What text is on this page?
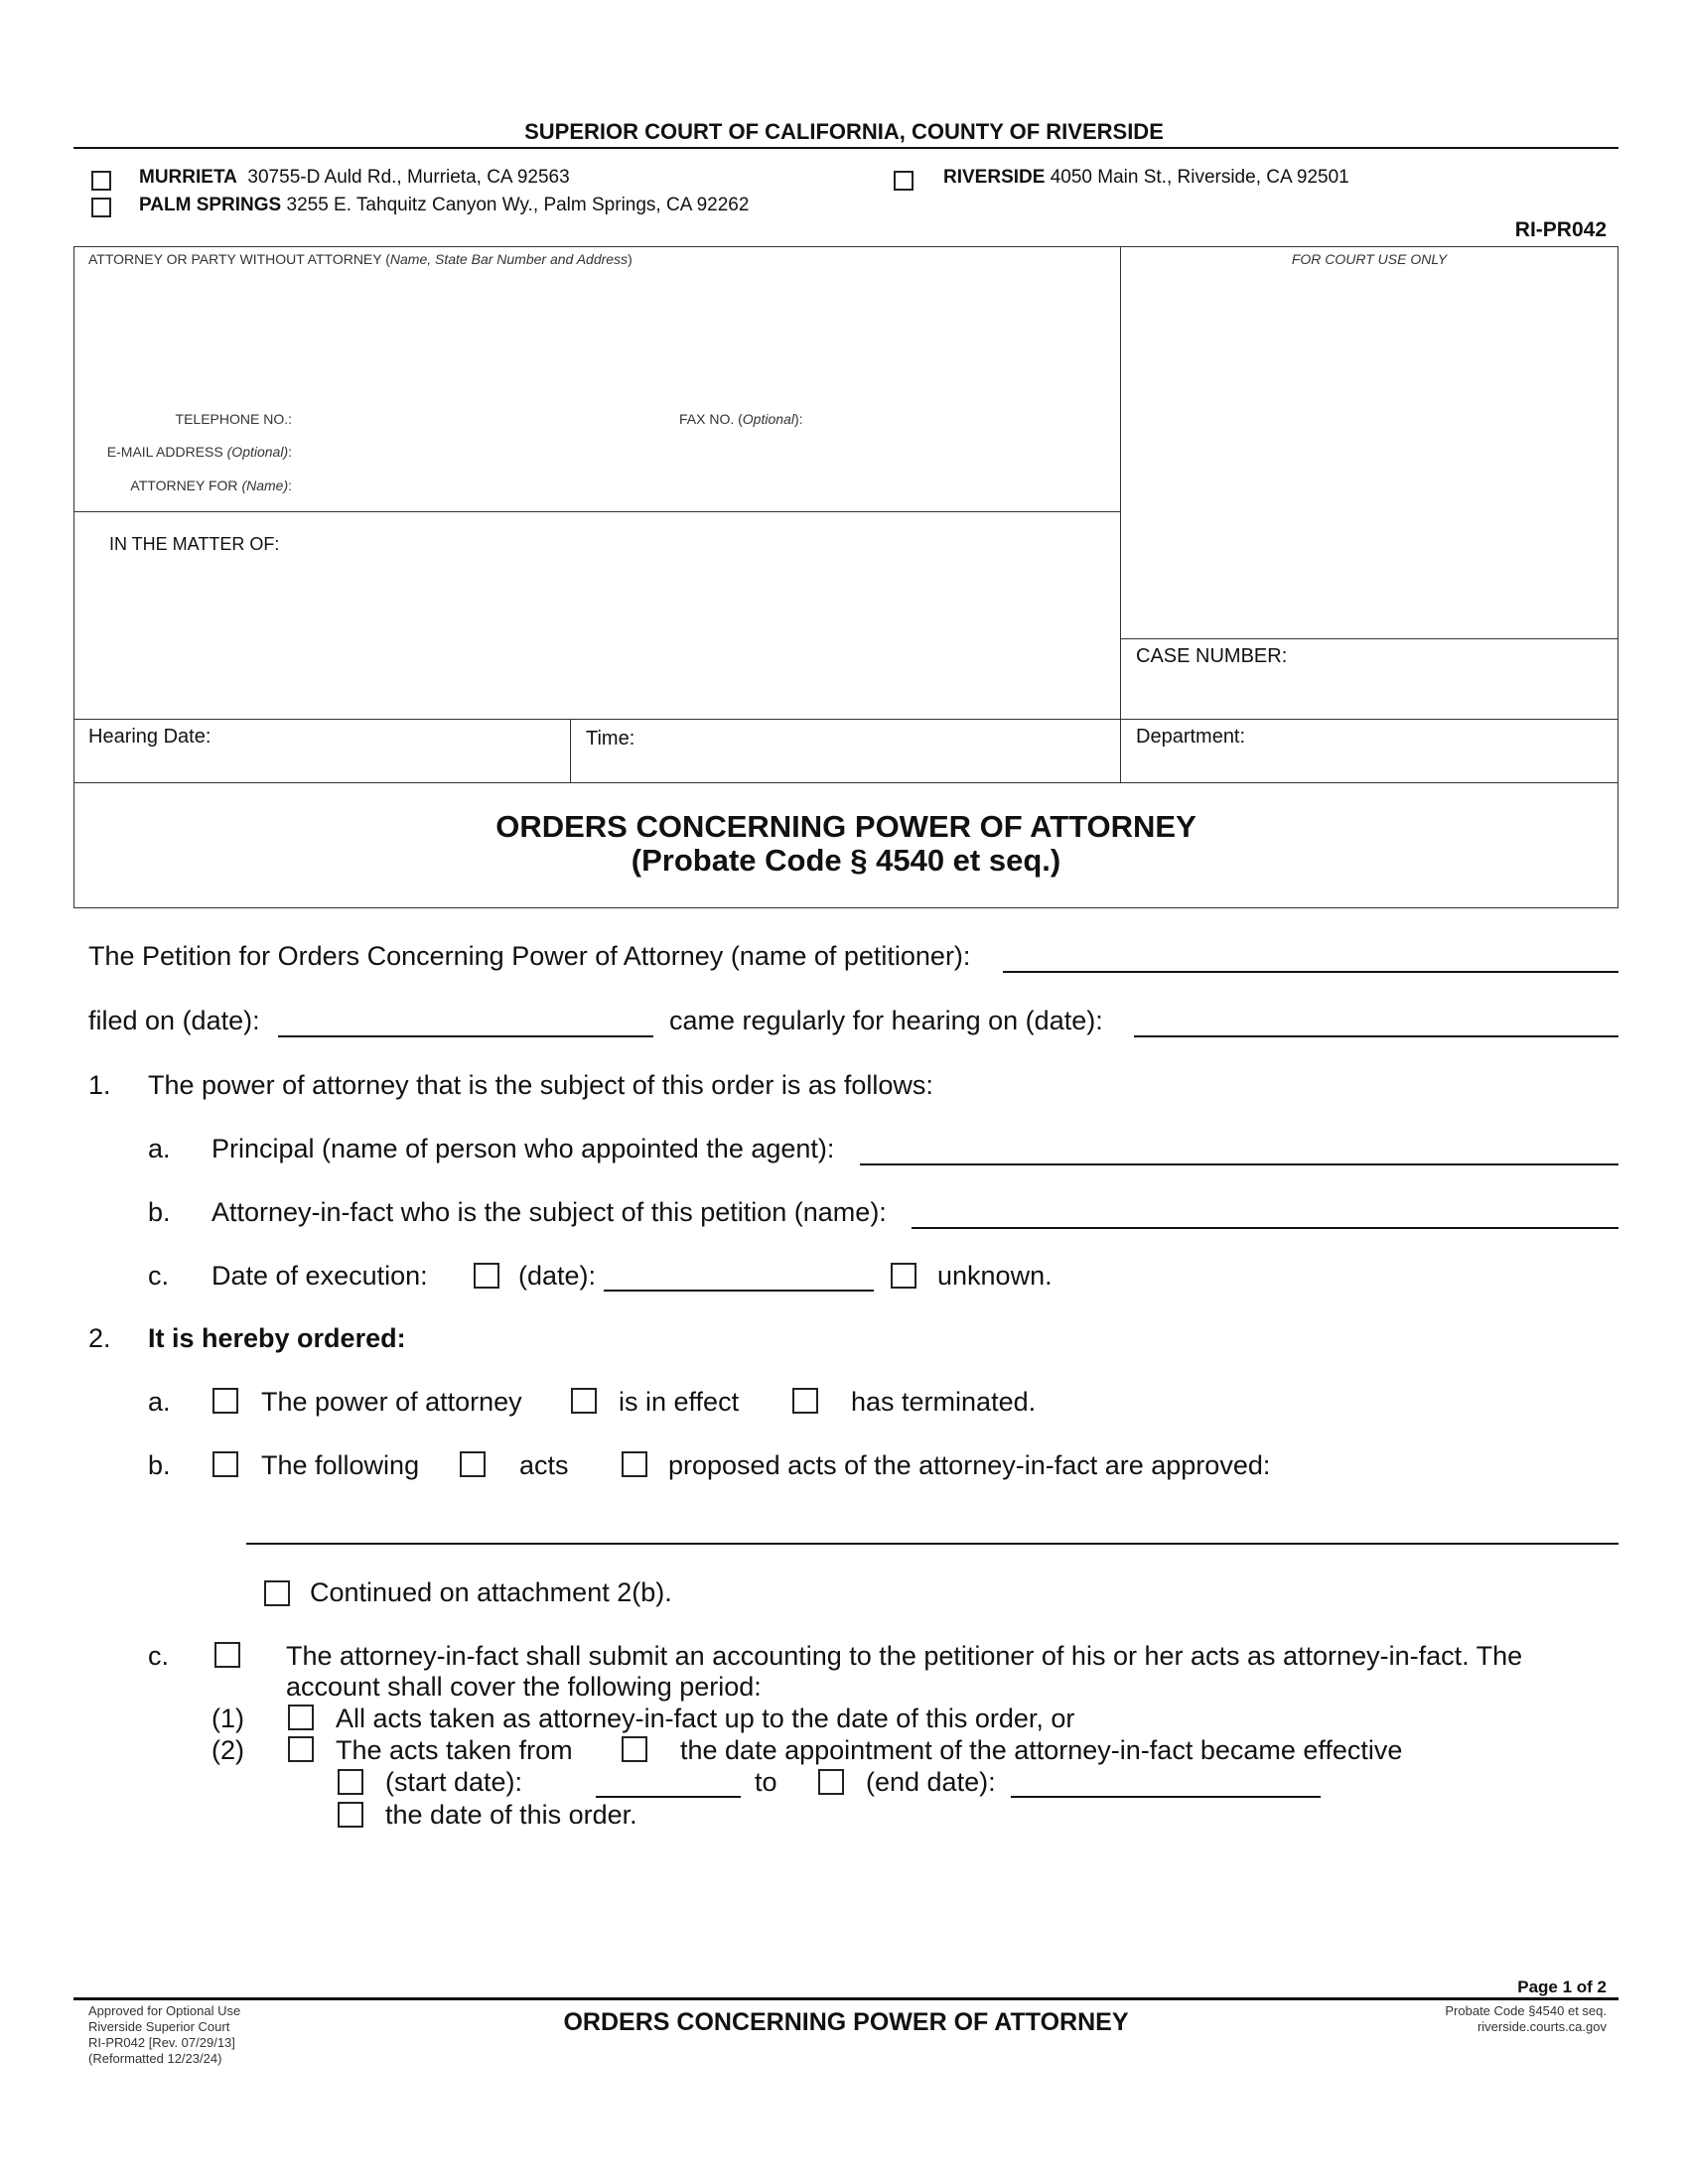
SUPERIOR COURT OF CALIFORNIA, COUNTY OF RIVERSIDE
MURRIETA 30755-D Auld Rd., Murrieta, CA 92563
PALM SPRINGS 3255 E. Tahquitz Canyon Wy., Palm Springs, CA 92262
RIVERSIDE 4050 Main St., Riverside, CA 92501
RI-PR042
ATTORNEY OR PARTY WITHOUT ATTORNEY (Name, State Bar Number and Address)	FOR COURT USE ONLY
TELEPHONE NO.:	FAX NO. (Optional):
E-MAIL ADDRESS (Optional):
ATTORNEY FOR (Name):
IN THE MATTER OF:
CASE NUMBER:
Hearing Date:	Time:	Department:
ORDERS CONCERNING POWER OF ATTORNEY
(Probate Code § 4540 et seq.)
The Petition for Orders Concerning Power of Attorney (name of petitioner):
filed on (date):	came regularly for hearing on (date):
1. The power of attorney that is the subject of this order is as follows:
a. Principal (name of person who appointed the agent):
b. Attorney-in-fact who is the subject of this petition (name):
c. Date of execution:	(date):	unknown.
2. It is hereby ordered:
a.	The power of attorney	is in effect	has terminated.
b.	The following	acts	proposed acts of the attorney-in-fact are approved:
Continued on attachment 2(b).
c.	The attorney-in-fact shall submit an accounting to the petitioner of his or her acts as attorney-in-fact. The
account shall cover the following period:
(1)	All acts taken as attorney-in-fact up to the date of this order, or
(2)	The acts taken from	the date appointment of the attorney-in-fact became effective
(start date):	to	(end date):
the date of this order.
Page 1 of 2
Approved for Optional Use
Riverside Superior Court
RI-PR042 [Rev. 07/29/13]
(Reformatted 12/23/24)
ORDERS CONCERNING POWER OF ATTORNEY	Probate Code §4540 et seq.
riverside.courts.ca.gov
